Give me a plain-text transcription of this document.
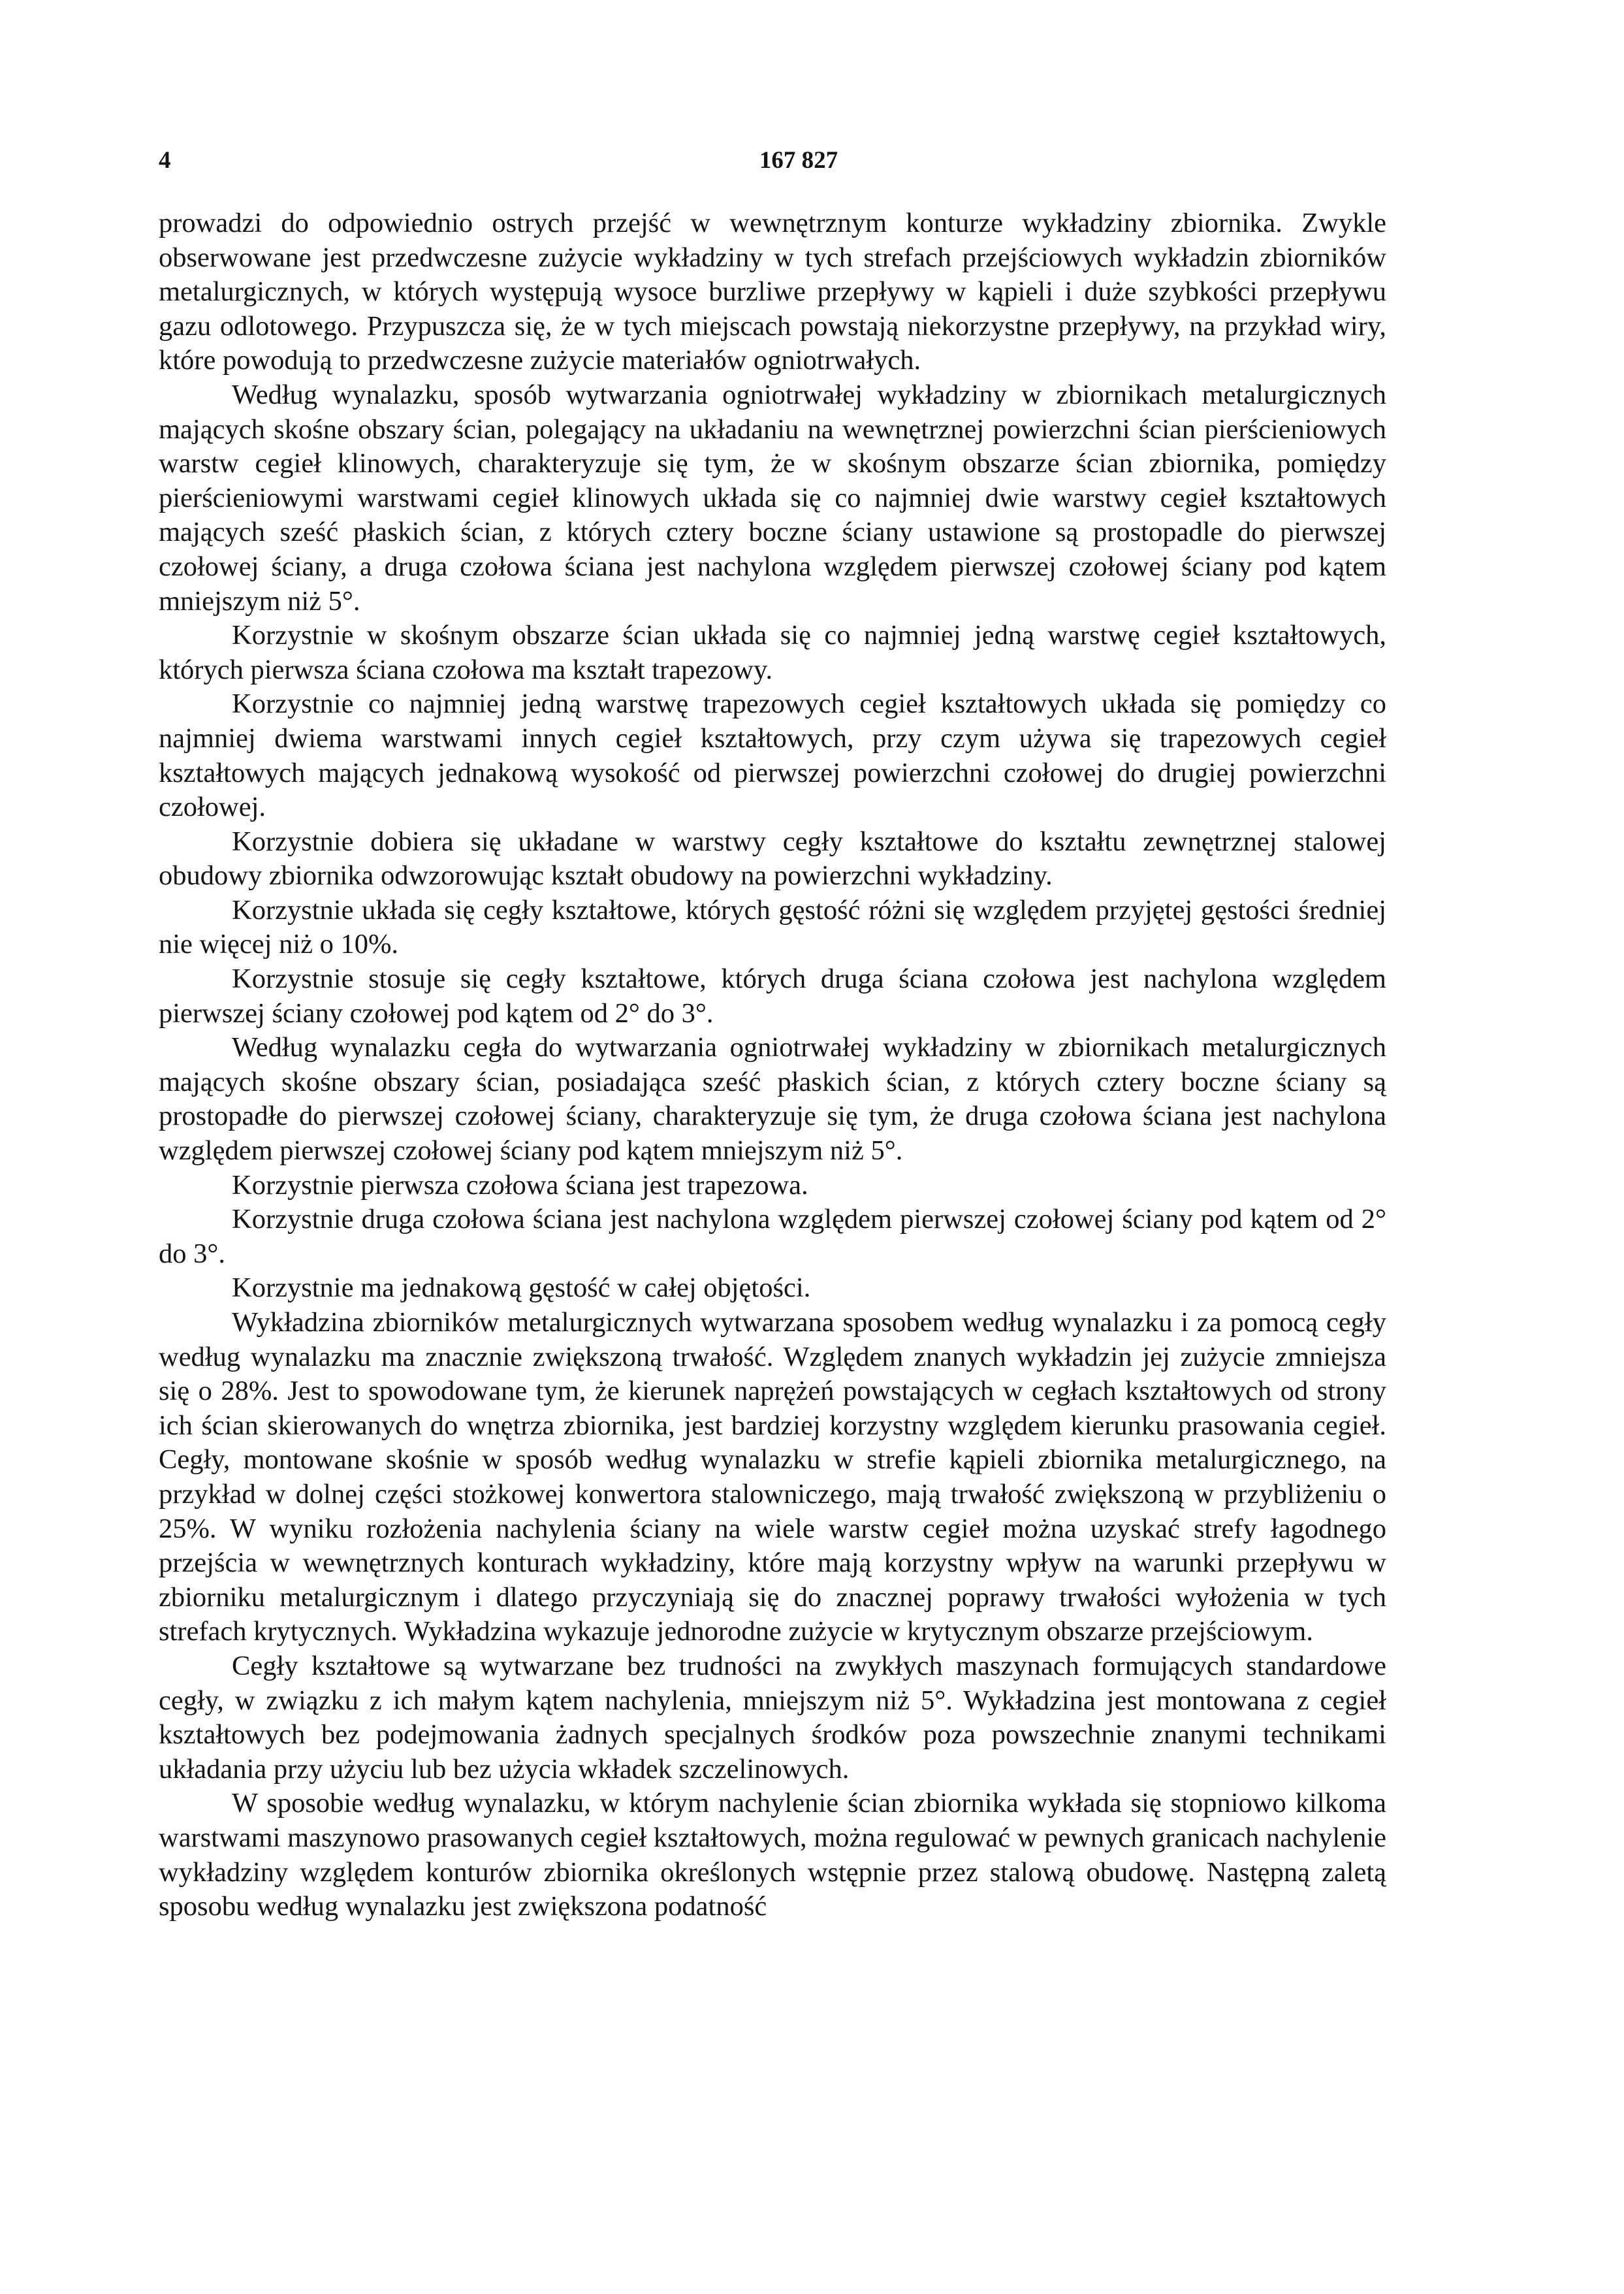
4	167 827

prowadzi do odpowiednio ostrych przejść w wewnętrznym konturze wykładziny zbiornika. Zwykle obserwowane jest przedwczesne zużycie wykładziny w tych strefach przejściowych wykładzin zbiorników metalurgicznych, w których występują wysoce burzliwe przepływy w kąpieli i duże szybkości przepływu gazu odlotowego. Przypuszcza się, że w tych miejscach powstają niekorzystne przepływy, na przykład wiry, które powodują to przedwczesne zużycie materiałów ogniotrwałych.

Według wynalazku, sposób wytwarzania ogniotrwałej wykładziny w zbiornikach metalurgicznych mających skośne obszary ścian, polegający na układaniu na wewnętrznej powierzchni ścian pierścieniowych warstw cegieł klinowych, charakteryzuje się tym, że w skośnym obszarze ścian zbiornika, pomiędzy pierścieniowymi warstwami cegieł klinowych układa się co najmniej dwie warstwy cegieł kształtowych mających sześć płaskich ścian, z których cztery boczne ściany ustawione są prostopadle do pierwszej czołowej ściany, a druga czołowa ściana jest nachylona względem pierwszej czołowej ściany pod kątem mniejszym niż 5°.

Korzystnie w skośnym obszarze ścian układa się co najmniej jedną warstwę cegieł kształtowych, których pierwsza ściana czołowa ma kształt trapezowy.

Korzystnie co najmniej jedną warstwę trapezowych cegieł kształtowych układa się pomiędzy co najmniej dwiema warstwami innych cegieł kształtowych, przy czym używa się trapezowych cegieł kształtowych mających jednakową wysokość od pierwszej powierzchni czołowej do drugiej powierzchni czołowej.

Korzystnie dobiera się układane w warstwy cegły kształtowe do kształtu zewnętrznej stalowej obudowy zbiornika odwzorowując kształt obudowy na powierzchni wykładziny.

Korzystnie układa się cegły kształtowe, których gęstość różni się względem przyjętej gęstości średniej nie więcej niż o 10%.

Korzystnie stosuje się cegły kształtowe, których druga ściana czołowa jest nachylona względem pierwszej ściany czołowej pod kątem od 2° do 3°.

Według wynalazku cegła do wytwarzania ogniotrwałej wykładziny w zbiornikach metalurgicznych mających skośne obszary ścian, posiadająca sześć płaskich ścian, z których cztery boczne ściany są prostopadłe do pierwszej czołowej ściany, charakteryzuje się tym, że druga czołowa ściana jest nachylona względem pierwszej czołowej ściany pod kątem mniejszym niż 5°.

Korzystnie pierwsza czołowa ściana jest trapezowa.

Korzystnie druga czołowa ściana jest nachylona względem pierwszej czołowej ściany pod kątem od 2° do 3°.

Korzystnie ma jednakową gęstość w całej objętości.

Wykładzina zbiorników metalurgicznych wytwarzana sposobem według wynalazku i za pomocą cegły według wynalazku ma znacznie zwiększoną trwałość. Względem znanych wykładzin jej zużycie zmniejsza się o 28%. Jest to spowodowane tym, że kierunek naprężeń powstających w cegłach kształtowych od strony ich ścian skierowanych do wnętrza zbiornika, jest bardziej korzystny względem kierunku prasowania cegieł. Cegły, montowane skośnie w sposób według wynalazku w strefie kąpieli zbiornika metalurgicznego, na przykład w dolnej części stożkowej konwertora stalowniczego, mają trwałość zwiększoną w przybliżeniu o 25%. W wyniku rozłożenia nachylenia ściany na wiele warstw cegieł można uzyskać strefy łagodnego przejścia w wewnętrznych konturach wykładziny, które mają korzystny wpływ na warunki przepływu w zbiorniku metalurgicznym i dlatego przyczyniają się do znacznej poprawy trwałości wyłożenia w tych strefach krytycznych. Wykładzina wykazuje jednorodne zużycie w krytycznym obszarze przejściowym.

Cegły kształtowe są wytwarzane bez trudności na zwykłych maszynach formujących standardowe cegły, w związku z ich małym kątem nachylenia, mniejszym niż 5°. Wykładzina jest montowana z cegieł kształtowych bez podejmowania żadnych specjalnych środków poza powszechnie znanymi technikami układania przy użyciu lub bez użycia wkładek szczelinowych.

W sposobie według wynalazku, w którym nachylenie ścian zbiornika wykłada się stopniowo kilkoma warstwami maszynowo prasowanych cegieł kształtowych, można regulować w pewnych granicach nachylenie wykładziny względem konturów zbiornika określonych wstępnie przez stalową obudowę. Następną zaletą sposobu według wynalazku jest zwiększona podatność
